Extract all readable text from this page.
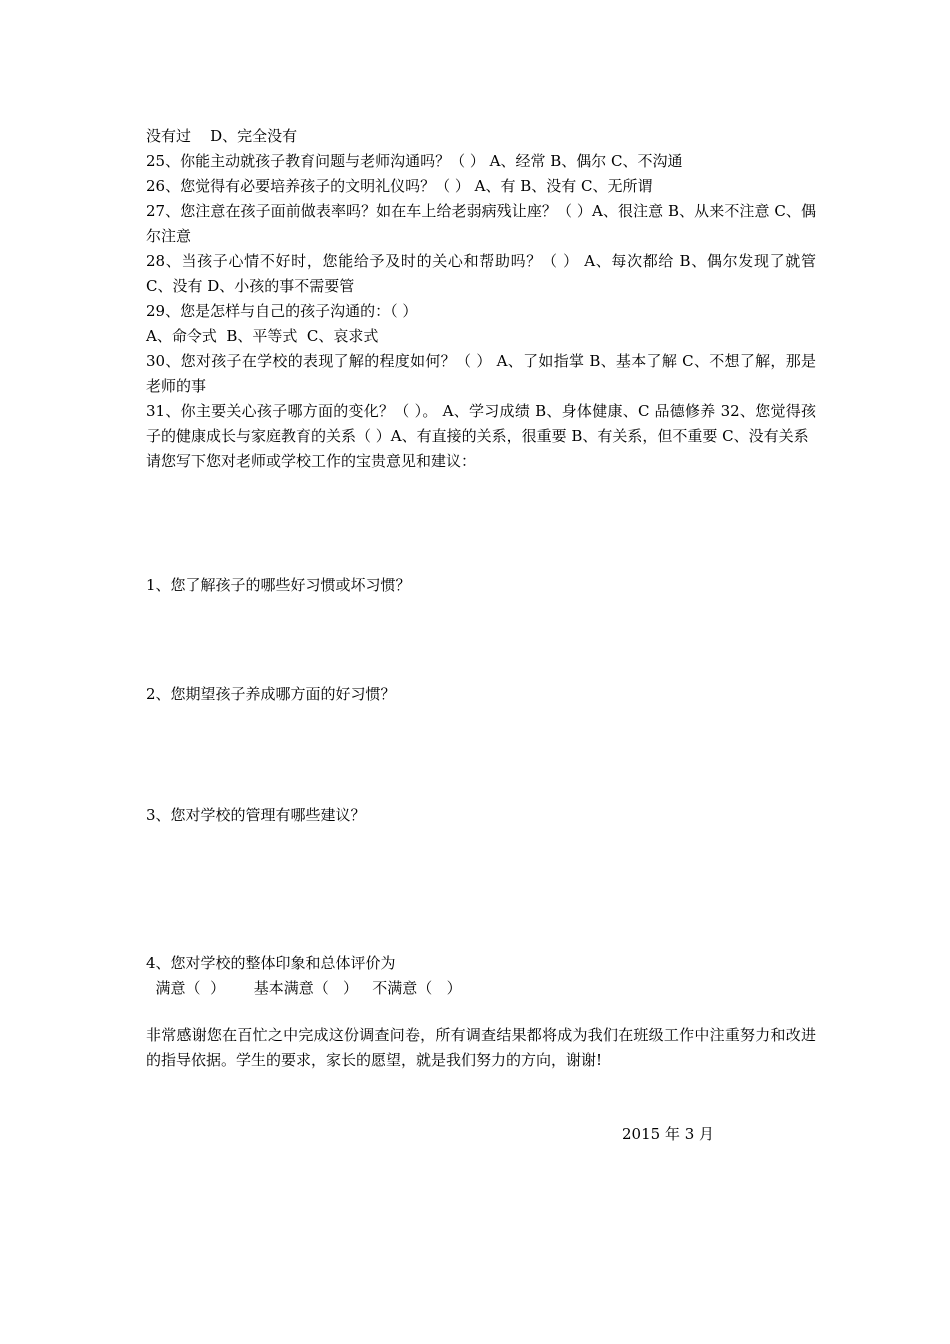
没有过    D、完全没有

25、你能主动就孩子教育问题与老师沟通吗？（ ） A、经常 B、偶尔 C、不沟通

26、您觉得有必要培养孩子的文明礼仪吗？（ ） A、有 B、没有 C、无所谓

27、您注意在孩子面前做表率吗？如在车上给老弱病残让座？（ ）A、很注意 B、从来不注意 C、偶尔注意

28、当孩子心情不好时，您能给予及时的关心和帮助吗？（ ） A、每次都给 B、偶尔发现了就管 C、没有 D、小孩的事不需要管

29、您是怎样与自己的孩子沟通的：（ ）

A、命令式  B、平等式  C、哀求式

30、您对孩子在学校的表现了解的程度如何？（ ） A、了如指掌 B、基本了解 C、不想了解，那是老师的事

31、你主要关心孩子哪方面的变化？（ ）。 A、学习成绩 B、身体健康、C 品德修养 32、您觉得孩子的健康成长与家庭教育的关系（ ）A、有直接的关系，很重要 B、有关系，但不重要 C、没有关系

请您写下您对老师或学校工作的宝贵意见和建议：

1、您了解孩子的哪些好习惯或坏习惯？

2、您期望孩子养成哪方面的好习惯？

3、您对学校的管理有哪些建议？

4、您对学校的整体印象和总体评价为

满意（  ）      基本满意（   ）   不满意（   ）

非常感谢您在百忙之中完成这份调查问卷，所有调查结果都将成为我们在班级工作中注重努力和改进的指导依据。学生的要求，家长的愿望，就是我们努力的方向，谢谢!

2015 年 3 月
